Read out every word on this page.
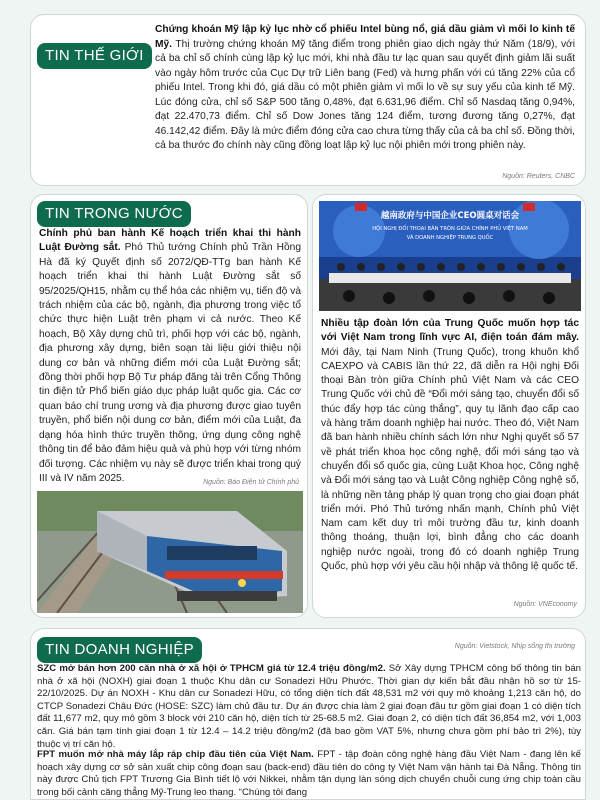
TIN THẾ GIỚI

Chứng khoán Mỹ lập kỷ lục nhờ cổ phiếu Intel bùng nổ, giá dầu giảm vì mối lo kinh tế Mỹ. Thị trường chứng khoán Mỹ tăng điểm trong phiên giao dịch ngày thứ Năm (18/9), với cả ba chỉ số chính cùng lập kỷ lục mới, khi nhà đầu tư lạc quan sau quyết định giảm lãi suất vào ngày hôm trước của Cục Dự trữ Liên bang (Fed) và hưng phấn với cú tăng 22% của cổ phiếu Intel. Trong khi đó, giá dầu có một phiên giảm vì mối lo về sự suy yếu của kinh tế Mỹ. Lúc đóng cửa, chỉ số S&P 500 tăng 0,48%, đạt 6.631,96 điểm. Chỉ số Nasdaq tăng 0,94%, đạt 22.470,73 điểm. Chỉ số Dow Jones tăng 124 điểm, tương đương tăng 0,27%, đạt 46.142,42 điểm. Đây là mức điểm đóng cửa cao chưa từng thấy của cả ba chỉ số. Đồng thời, cả ba thước đo chính này cũng đồng loạt lập kỷ lục nội phiên mới trong phiên này.

Nguồn: Reuters, CNBC
TIN TRONG NƯỚC

Chính phủ ban hành Kế hoạch triển khai thi hành Luật Đường sắt. Phó Thủ tướng Chính phủ Trần Hồng Hà đã ký Quyết định số 2072/QĐ-TTg ban hành Kế hoạch triển khai thi hành Luật Đường sắt số 95/2025/QH15, nhằm cụ thể hóa các nhiệm vụ, tiến độ và trách nhiệm của các bộ, ngành, địa phương trong việc tổ chức thực hiện Luật trên phạm vi cả nước. Theo Kế hoạch, Bộ Xây dựng chủ trì, phối hợp với các bộ, ngành, địa phương xây dựng, biên soạn tài liệu giới thiệu nội dung cơ bản và những điểm mới của Luật Đường sắt; đồng thời phối hợp Bộ Tư pháp đăng tải trên Cổng Thông tin điện tử Phổ biến giáo dục pháp luật quốc gia. Các cơ quan báo chí trung ương và địa phương được giao tuyên truyền, phổ biến nội dung cơ bản, điểm mới của Luật, đa dạng hóa hình thức truyền thông, ứng dụng công nghệ thông tin để bảo đảm hiệu quả và phù hợp với từng nhóm đối tượng. Các nhiệm vụ này sẽ được triển khai trong quý III và IV năm 2025.	Nguồn: Báo Điện tử Chính phủ
越南政府与中国企业CEO圆桌对话会
HỘI NGHỊ ĐỐI THOẠI BÀN TRÒN GIỮA CHÍNH PHỦ VIỆT NAM
VÀ DOANH NGHIỆP TRUNG QUỐC

Nhiều tập đoàn lớn của Trung Quốc muốn hợp tác với Việt Nam trong lĩnh vực AI, điện toán đám mây. Mới đây, tại Nam Ninh (Trung Quốc), trong khuôn khổ CAEXPO và CABIS lần thứ 22, đã diễn ra Hội nghị Đối thoại Bàn tròn giữa Chính phủ Việt Nam và các CEO Trung Quốc với chủ đề “Đổi mới sáng tạo, chuyển đổi số thúc đẩy hợp tác cùng thắng”, quy tụ lãnh đạo cấp cao và hàng trăm doanh nghiệp hai nước. Theo đó, Việt Nam đã ban hành nhiều chính sách lớn như Nghị quyết số 57 về phát triển khoa học công nghệ, đổi mới sáng tạo và chuyển đổi số quốc gia, cùng Luật Khoa học, Công nghệ và Đổi mới sáng tạo và Luật Công nghiệp Công nghệ số, là những nền tảng pháp lý quan trọng cho giai đoạn phát triển mới. Phó Thủ tướng nhấn mạnh, Chính phủ Việt Nam cam kết duy trì môi trường đầu tư, kinh doanh thông thoáng, thuận lợi, bình đẳng cho các doanh nghiệp nước ngoài, trong đó có doanh nghiệp Trung Quốc, phù hợp với yêu cầu hội nhập và thông lệ quốc tế.

Nguồn: VNEconomy
TIN DOANH NGHIỆP	Nguồn: Vietstock, Nhịp sống thị trường

SZC mở bán hơn 200 căn nhà ở xã hội ở TPHCM giá từ 12.4 triệu đồng/m2. Sở Xây dựng TPHCM công bố thông tin bán nhà ở xã hội (NOXH) giai đoạn 1 thuộc Khu dân cư Sonadezi Hữu Phước. Thời gian dự kiến bắt đầu nhận hồ sơ từ 15-22/10/2025. Dự án NOXH - Khu dân cư Sonadezi Hữu, có tổng diện tích đất 48,531 m2 với quy mô khoảng 1,213 căn hộ, do CTCP Sonadezi Châu Đức (HOSE: SZC) làm chủ đầu tư. Dự án được chia làm 2 giai đoạn đầu tư gồm giai đoạn 1 có diện tích đất 11,677 m2, quy mô gồm 3 block với 210 căn hộ, diện tích từ 25-68.5 m2. Giai đoạn 2, có diện tích đất 36,854 m2, với 1,003 căn. Giá bán tạm tính giai đoạn 1 từ 12.4 – 14.2 triệu đồng/m2 (đã bao gồm VAT 5%, nhưng chưa gồm phí bảo trì 2%), tùy thuộc vị trí căn hộ.

FPT muốn mở nhà máy lắp ráp chip đầu tiên của Việt Nam. FPT - tập đoàn công nghệ hàng đầu Việt Nam - đang lên kế hoạch xây dựng cơ sở sản xuất chip công đoạn sau (back-end) đầu tiên do công ty Việt Nam vận hành tại Đà Nẵng. Thông tin này được Chủ tịch FPT Trương Gia Bình tiết lộ với Nikkei, nhằm tận dụng làn sóng dịch chuyển chuỗi cung ứng chip toàn cầu trong bối cảnh căng thẳng Mỹ-Trung leo thang. “Chúng tôi đang
